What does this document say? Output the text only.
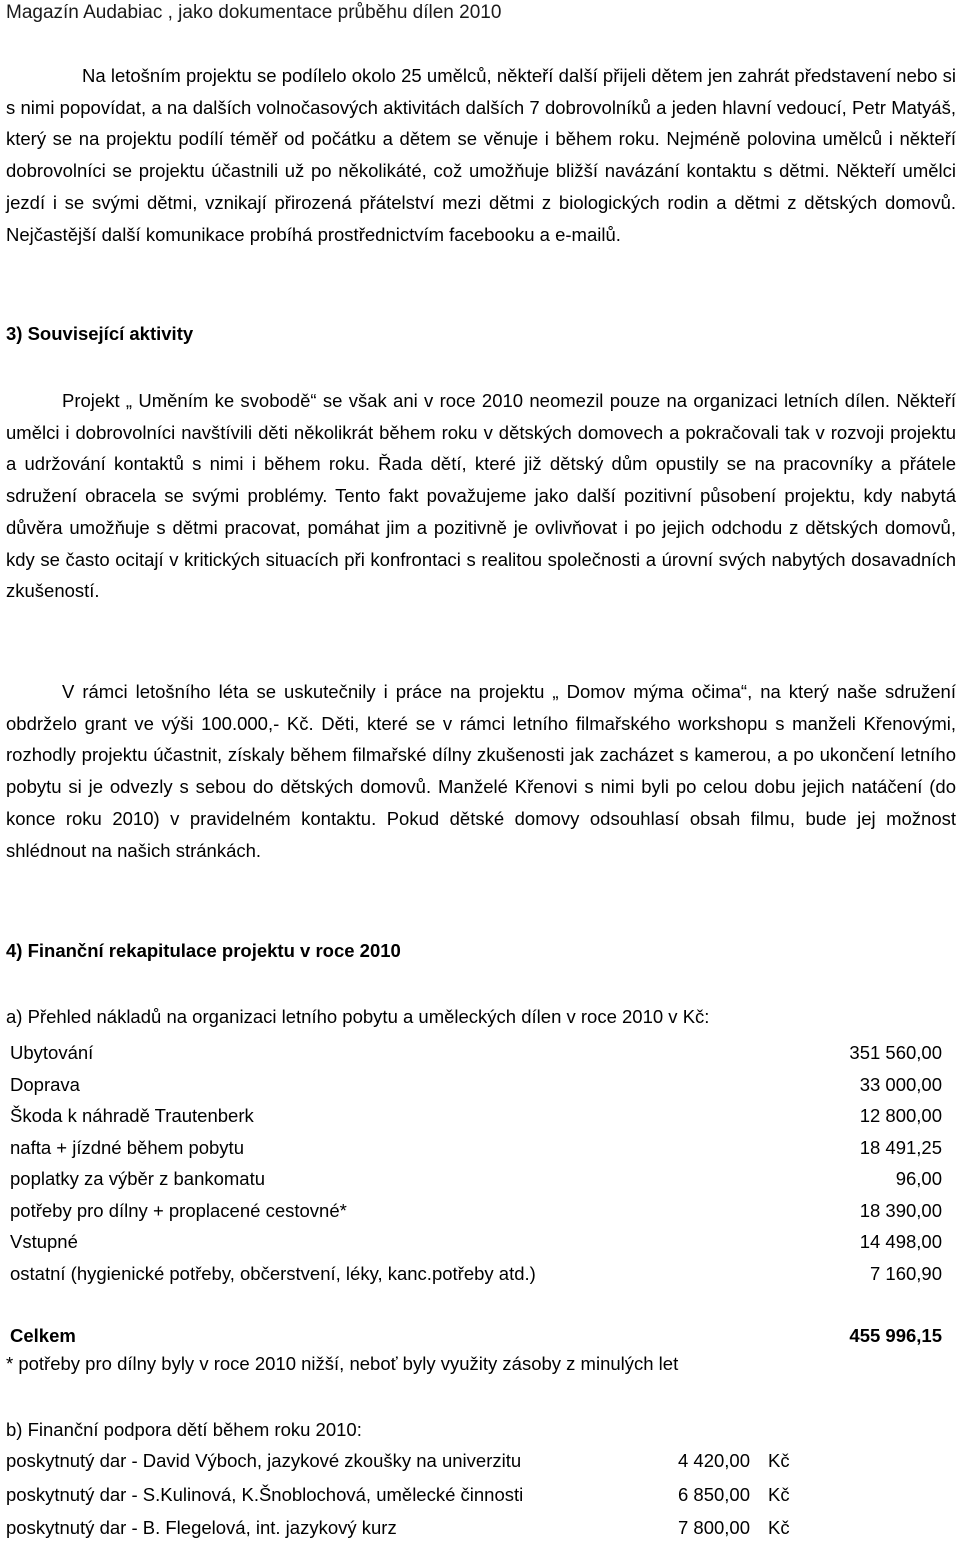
Magazín Audabiac , jako dokumentace průběhu dílen 2010

Na letošním projektu se podílelo okolo 25 umělců, někteří další přijeli dětem jen zahrát představení nebo si s nimi popovídat, a na dalších volnočasových aktivitách dalších 7 dobrovolníků a jeden hlavní vedoucí, Petr Matyáš, který se na projektu podílí téměř od počátku a dětem se věnuje i během roku. Nejméně polovina umělců i někteří dobrovolníci se projektu účastnili už po několikáté, což umožňuje bližší navázání kontaktu s dětmi. Někteří umělci jezdí i se svými dětmi, vznikají přirozená přátelství mezi dětmi z biologických rodin a dětmi z dětských domovů. Nejčastější další komunikace probíhá prostřednictvím facebooku a e-mailů.

3) Související aktivity

Projekt „ Uměním ke svobodě“ se však ani v roce 2010 neomezil pouze na organizaci letních dílen. Někteří umělci i dobrovolníci navštívili děti několikrát během roku v dětských domovech a pokračovali tak v rozvoji projektu a udržování kontaktů s nimi i během roku. Řada dětí, které již dětský dům opustily se na pracovníky a přátele sdružení obracela se svými problémy. Tento fakt považujeme jako další pozitivní působení projektu, kdy nabytá důvěra umožňuje s dětmi pracovat, pomáhat jim a pozitivně je ovlivňovat i po jejich odchodu z dětských domovů, kdy se často ocitají v kritických situacích při konfrontaci s realitou společnosti a úrovní svých nabytých dosavadních zkušeností.

V rámci letošního léta se uskutečnily i práce na projektu „ Domov mýma očima“, na který naše sdružení obdrželo grant ve výši 100.000,- Kč. Děti, které se v rámci letního filmařského workshopu s manželi Křenovými, rozhodly projektu účastnit, získaly během filmařské dílny zkušenosti jak zacházet s kamerou, a po ukončení letního pobytu si je odvezly s sebou do dětských domovů. Manželé Křenovi s nimi byli po celou dobu jejich natáčení (do konce roku 2010) v pravidelném kontaktu. Pokud dětské domovy odsouhlasí obsah filmu, bude jej možnost shlédnout na našich stránkách.

4) Finanční rekapitulace projektu v roce 2010
a) Přehled nákladů na organizaci letního pobytu a uměleckých dílen v roce 2010 v Kč:
Ubytování	351 560,00
Doprava	33 000,00
Škoda k náhradě Trautenberk	12 800,00
nafta + jízdné během pobytu	18 491,25
poplatky za výběr z bankomatu	96,00
potřeby pro dílny + proplacené cestovné*	18 390,00
Vstupné	14 498,00
ostatní (hygienické potřeby, občerstvení, léky, kanc.potřeby atd.)	7 160,90
Celkem	455 996,15
* potřeby pro dílny byly v roce 2010 nižší, neboť byly využity zásoby z minulých let
b) Finanční podpora dětí během roku 2010:
poskytnutý dar - David Výboch, jazykové zkoušky na univerzitu	4 420,00 Kč
poskytnutý dar - S.Kulinová, K.Šnoblochová, umělecké činnosti	6 850,00 Kč
poskytnutý dar - B. Flegelová, int. jazykový kurz	7 800,00 Kč
